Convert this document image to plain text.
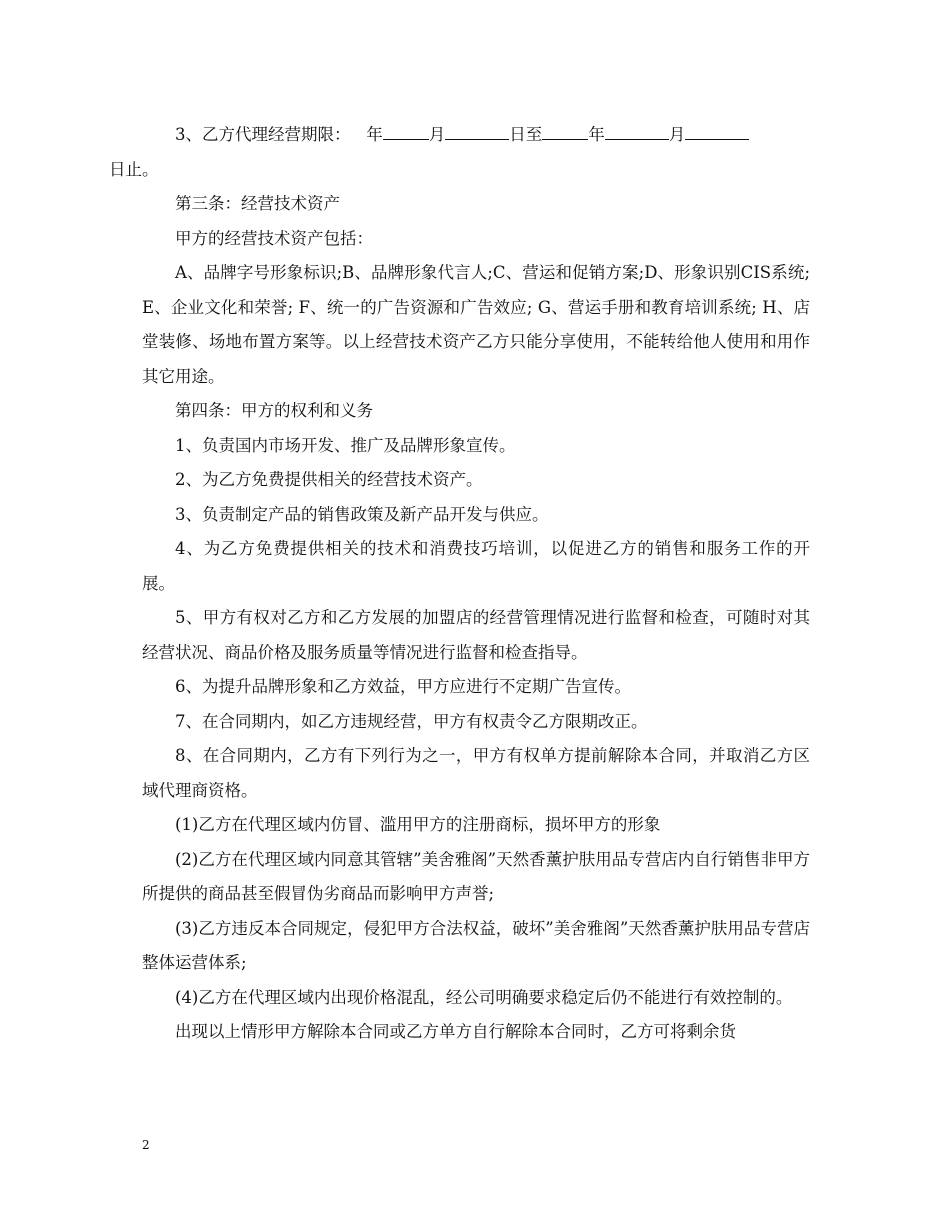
3、乙方代理经营期限： 年	月	日至	年	月
日止。

第三条：经营技术资产

甲方的经营技术资产包括：

A、品牌字号形象标识;B、品牌形象代言人;C、营运和促销方案;D、形象识别CIS系统;E、企业文化和荣誉; F、统一的广告资源和广告效应; G、营运手册和教育培训系统; H、店堂装修、场地布置方案等。以上经营技术资产乙方只能分享使用，不能转给他人使用和用作其它用途。

第四条：甲方的权利和义务

1、负责国内市场开发、推广及品牌形象宣传。

2、为乙方免费提供相关的经营技术资产。

3、负责制定产品的销售政策及新产品开发与供应。

4、为乙方免费提供相关的技术和消费技巧培训，以促进乙方的销售和服务工作的开展。

5、甲方有权对乙方和乙方发展的加盟店的经营管理情况进行监督和检查，可随时对其经营状况、商品价格及服务质量等情况进行监督和检查指导。

6、为提升品牌形象和乙方效益，甲方应进行不定期广告宣传。

7、在合同期内，如乙方违规经营，甲方有权责令乙方限期改正。

8、在合同期内，乙方有下列行为之一，甲方有权单方提前解除本合同，并取消乙方区域代理商资格。

(1)乙方在代理区域内仿冒、滥用甲方的注册商标，损坏甲方的形象

(2)乙方在代理区域内同意其管辖”美舍雅阁”天然香薰护肤用品专营店内自行销售非甲方所提供的商品甚至假冒伪劣商品而影响甲方声誉;

(3)乙方违反本合同规定，侵犯甲方合法权益，破坏”美舍雅阁”天然香薰护肤用品专营店整体运营体系;

(4)乙方在代理区域内出现价格混乱，经公司明确要求稳定后仍不能进行有效控制的。

出现以上情形甲方解除本合同或乙方单方自行解除本合同时，乙方可将剩余货

2
